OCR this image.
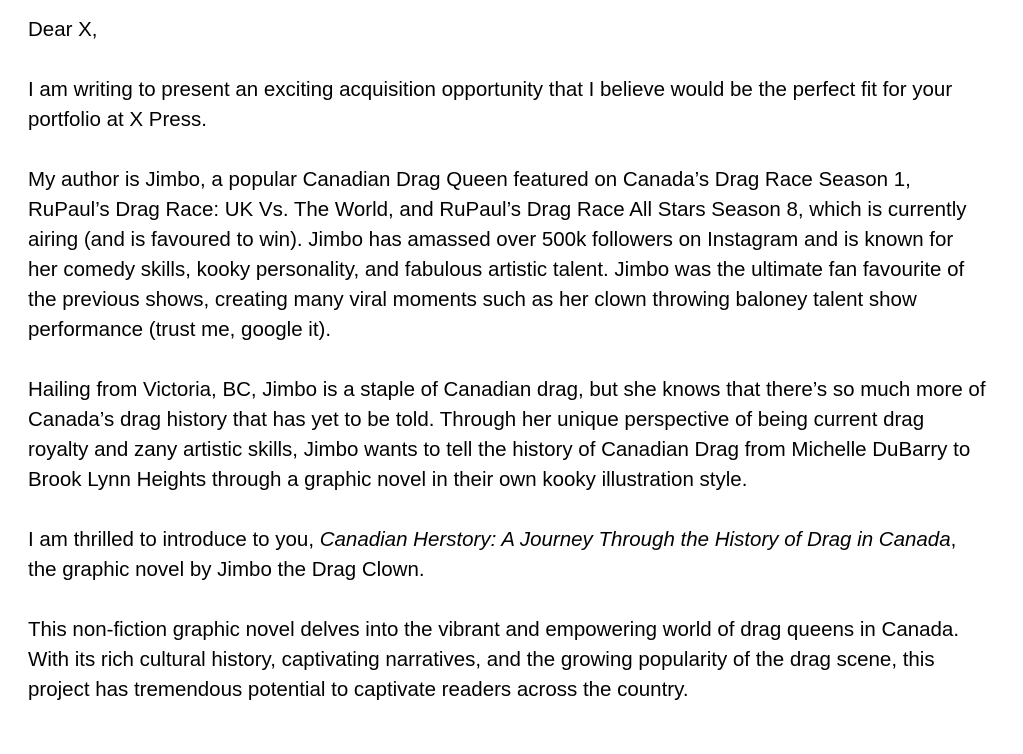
Dear X,

I am writing to present an exciting acquisition opportunity that I believe would be the perfect fit for your portfolio at X Press.

My author is Jimbo, a popular Canadian Drag Queen featured on Canada’s Drag Race Season 1, RuPaul’s Drag Race: UK Vs. The World, and RuPaul’s Drag Race All Stars Season 8, which is currently airing (and is favoured to win). Jimbo has amassed over 500k followers on Instagram and is known for her comedy skills, kooky personality, and fabulous artistic talent. Jimbo was the ultimate fan favourite of the previous shows, creating many viral moments such as her clown throwing baloney talent show performance (trust me, google it).

Hailing from Victoria, BC, Jimbo is a staple of Canadian drag, but she knows that there’s so much more of Canada’s drag history that has yet to be told. Through her unique perspective of being current drag royalty and zany artistic skills, Jimbo wants to tell the history of Canadian Drag from Michelle DuBarry to Brook Lynn Heights through a graphic novel in their own kooky illustration style.

I am thrilled to introduce to you, Canadian Herstory: A Journey Through the History of Drag in Canada, the graphic novel by Jimbo the Drag Clown.

This non-fiction graphic novel delves into the vibrant and empowering world of drag queens in Canada. With its rich cultural history, captivating narratives, and the growing popularity of the drag scene, this project has tremendous potential to captivate readers across the country.
